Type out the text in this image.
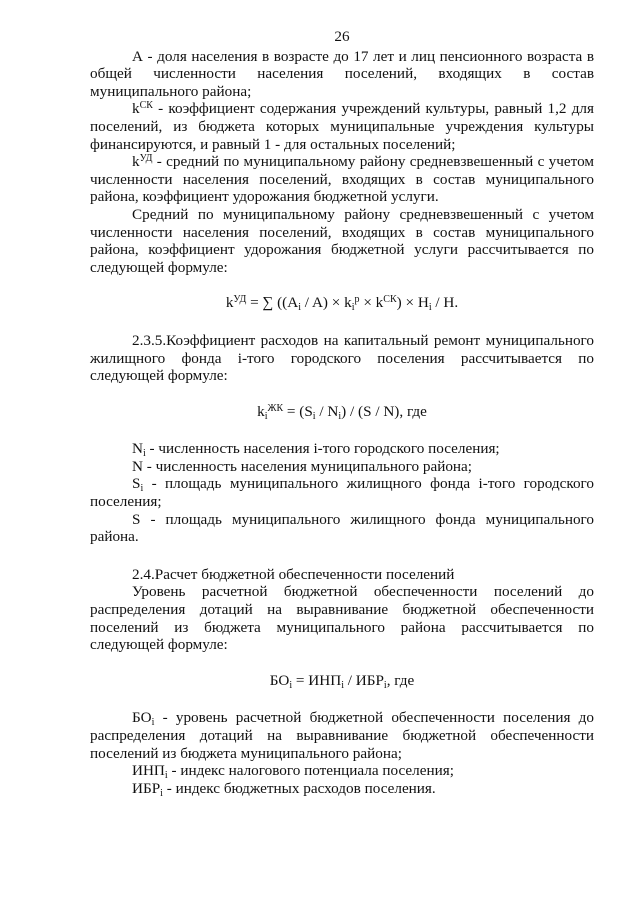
26

А - доля населения в возрасте до 17 лет и лиц пенсионного возраста в общей численности населения поселений, входящих в состав муниципального района;

$k^{СК}$ - коэффициент содержания учреждений культуры, равный 1,2 для поселений, из бюджета которых муниципальные учреждения культуры финансируются, и равный 1 - для остальных поселений;

$k^{УД}$ - средний по муниципальному району средневзвешенный с учетом численности населения поселений, входящих в состав муниципального района, коэффициент удорожания бюджетной услуги.

Средний по муниципальному району средневзвешенный с учетом численности населения поселений, входящих в состав муниципального района, коэффициент удорожания бюджетной услуги рассчитывается по следующей формуле:

$k^{УД}$ = ∑ $((A_i / A) \times k_i^р \times k^{СК}) \times H_i / H$.

2.3.5.Коэффициент расходов на капитальный ремонт муниципального жилищного фонда i-того городского поселения рассчитывается по следующей формуле:

$k_i^{ЖК} = (S_i / N_i) / (S / N)$, где

$N_i$ - численность населения i-того городского поселения;

N - численность населения муниципального района;

$S_i$ - площадь муниципального жилищного фонда i-того городского поселения;

S - площадь муниципального жилищного фонда муниципального района.

2.4.Расчет бюджетной обеспеченности поселений

Уровень расчетной бюджетной обеспеченности поселений до распределения дотаций на выравнивание бюджетной обеспеченности поселений из бюджета муниципального района рассчитывается по следующей формуле:

$БО_i = ИНП_i / ИБР_i$, где

$БО_i$ - уровень расчетной бюджетной обеспеченности поселения до распределения дотаций на выравнивание бюджетной обеспеченности поселений из бюджета муниципального района;

$ИНП_i$ - индекс налогового потенциала поселения;

$ИБР_i$ - индекс бюджетных расходов поселения.
